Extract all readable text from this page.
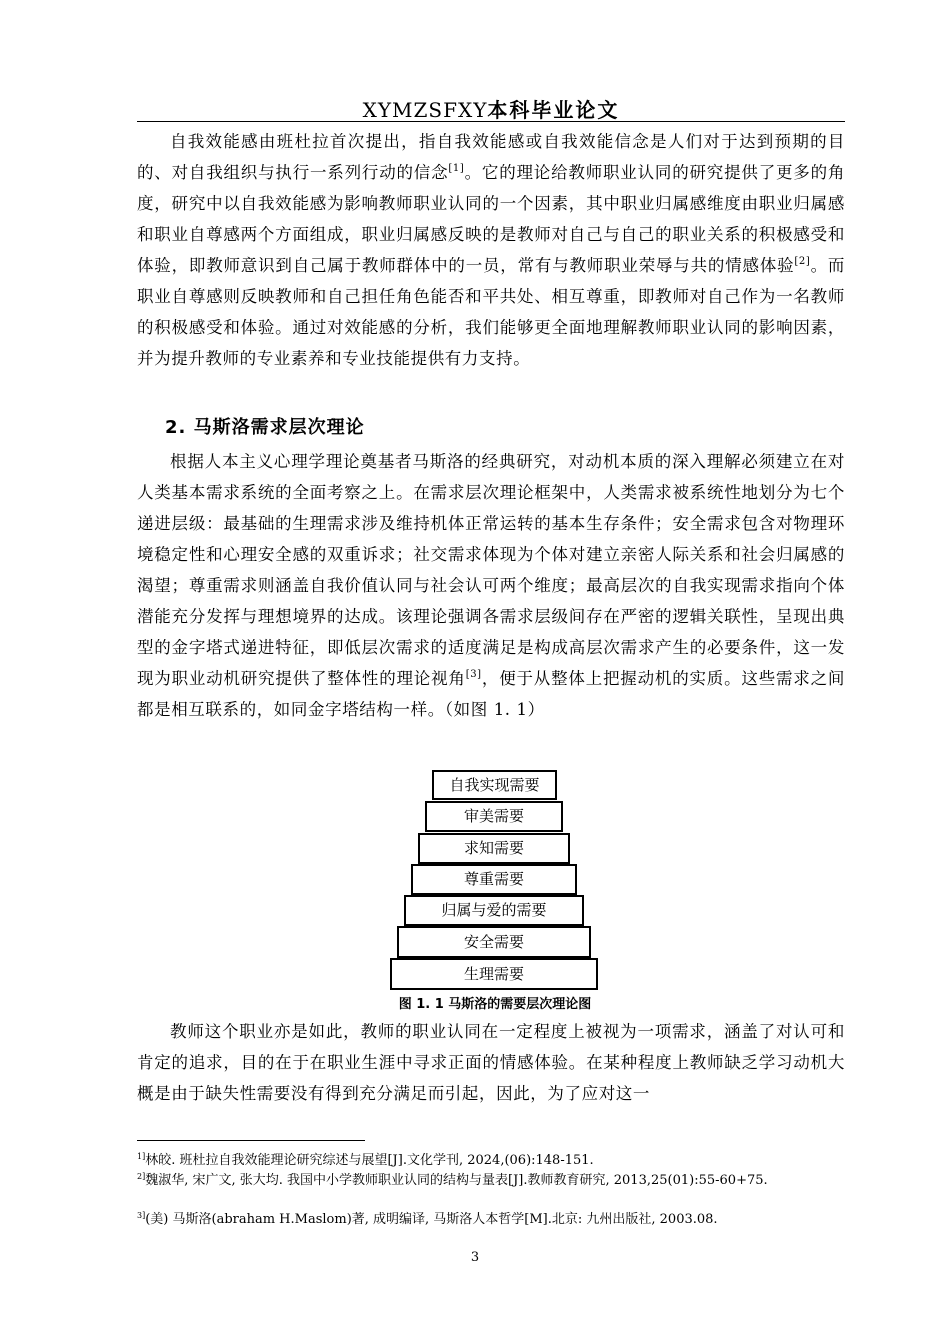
XYMZSFXY本科毕业论文

自我效能感由班杜拉首次提出，指自我效能感或自我效能信念是人们对于达到预期的目的、对自我组织与执行一系列行动的信念[1]。它的理论给教师职业认同的研究提供了更多的角度，研究中以自我效能感为影响教师职业认同的一个因素，其中职业归属感维度由职业归属感和职业自尊感两个方面组成，职业归属感反映的是教师对自己与自己的职业关系的积极感受和体验，即教师意识到自己属于教师群体中的一员，常有与教师职业荣辱与共的情感体验[2]。而职业自尊感则反映教师和自己担任角色能否和平共处、相互尊重，即教师对自己作为一名教师的积极感受和体验。通过对效能感的分析，我们能够更全面地理解教师职业认同的影响因素，并为提升教师的专业素养和专业技能提供有力支持。

2. 马斯洛需求层次理论

根据人本主义心理学理论奠基者马斯洛的经典研究，对动机本质的深入理解必须建立在对人类基本需求系统的全面考察之上。在需求层次理论框架中，人类需求被系统性地划分为七个递进层级：最基础的生理需求涉及维持机体正常运转的基本生存条件；安全需求包含对物理环境稳定性和心理安全感的双重诉求；社交需求体现为个体对建立亲密人际关系和社会归属感的渴望；尊重需求则涵盖自我价值认同与社会认可两个维度；最高层次的自我实现需求指向个体潜能充分发挥与理想境界的达成。该理论强调各需求层级间存在严密的逻辑关联性，呈现出典型的金字塔式递进特征，即低层次需求的适度满足是构成高层次需求产生的必要条件，这一发现为职业动机研究提供了整体性的理论视角[3]，便于从整体上把握动机的实质。这些需求之间都是相互联系的，如同金字塔结构一样。（如图 1. 1）

自我实现需要
审美需要
求知需要
尊重需要
归属与爱的需要
安全需要
生理需要
图 1. 1 马斯洛的需要层次理论图

教师这个职业亦是如此，教师的职业认同在一定程度上被视为一项需求，涵盖了对认可和肯定的追求，目的在于在职业生涯中寻求正面的情感体验。在某种程度上教师缺乏学习动机大概是由于缺失性需要没有得到充分满足而引起，因此，为了应对这一

$^{1]}$林皎. 班杜拉自我效能理论研究综述与展望[J].文化学刊, 2024,(06):148-151.

$^{2]}$魏淑华, 宋广文, 张大均. 我国中小学教师职业认同的结构与量表[J].教师教育研究, 2013,25(01):55-60+75.

$^{3]}$(美) 马斯洛(abraham H.Maslom)著, 成明编译, 马斯洛人本哲学[M].北京: 九州出版社, 2003.08.

3
